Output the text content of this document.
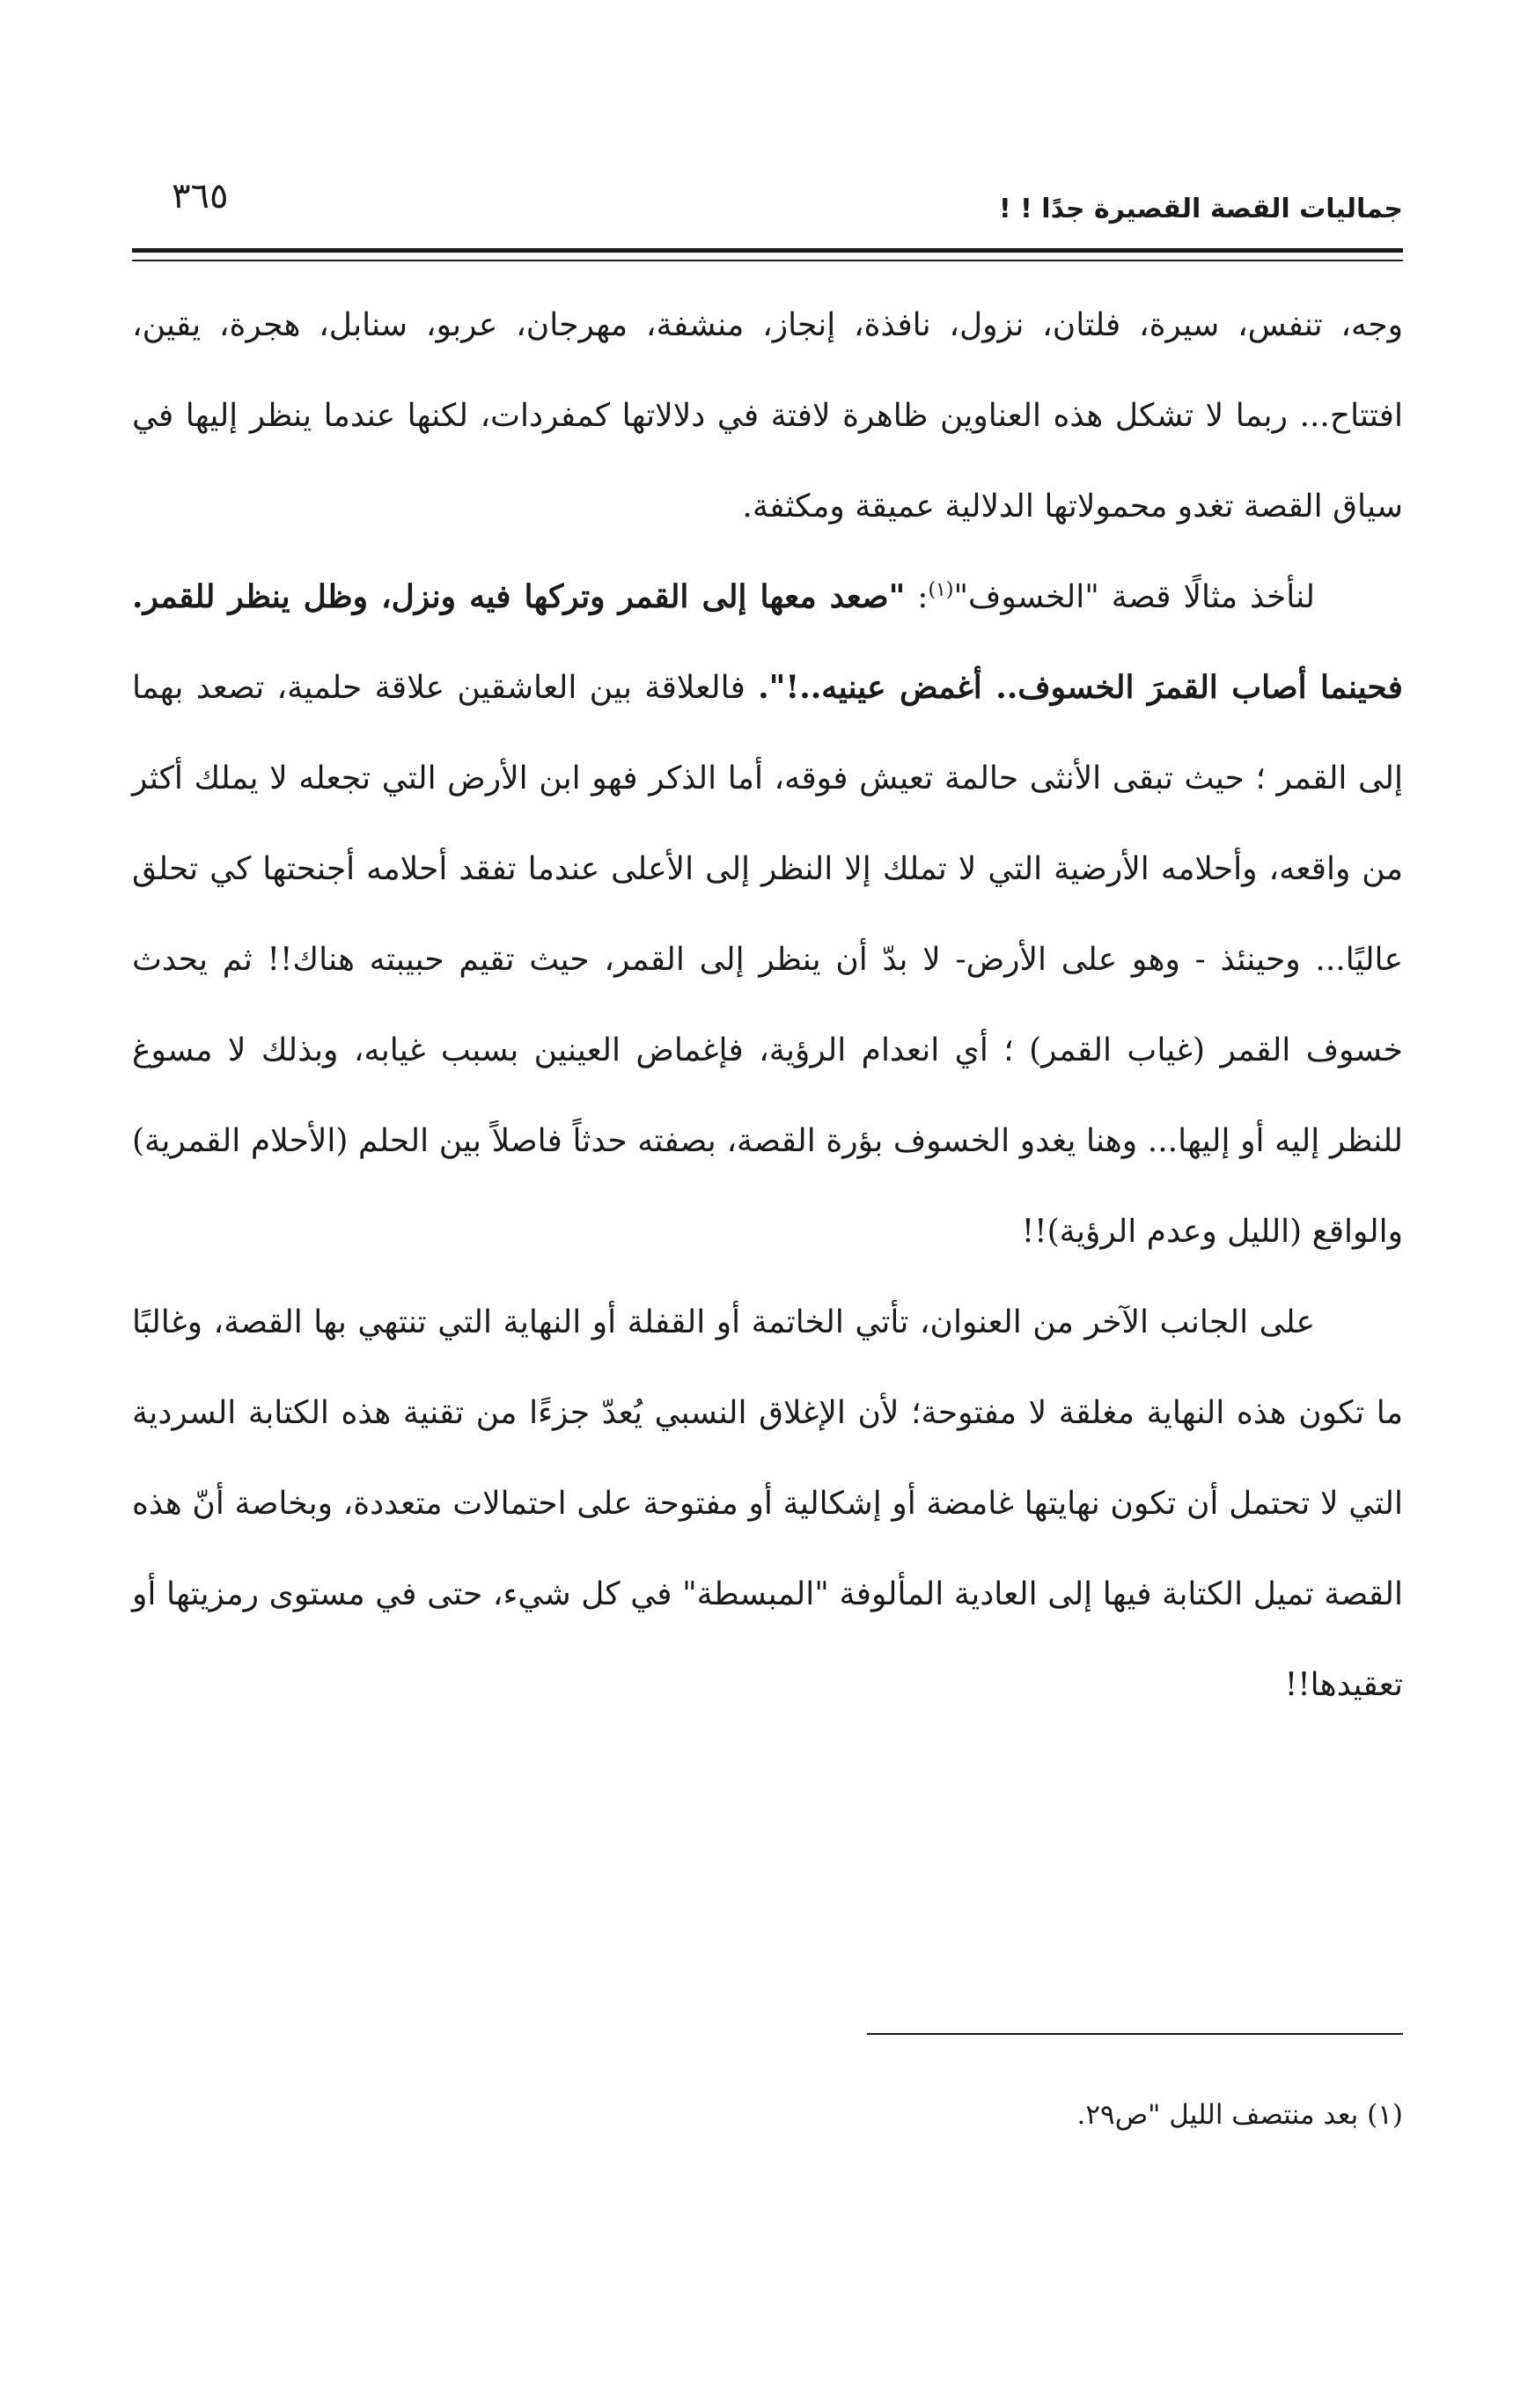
٣٦٥	جماليات القصة القصيرة جدًا ! !

وجه، تنفس، سيرة، فلتان، نزول، نافذة، إنجاز، منشفة، مهرجان، عربو، سنابل، هجرة، يقين، افتتاح... ربما لا تشكل هذه العناوين ظاهرة لافتة في دلالاتها كمفردات، لكنها عندما ينظر إليها في سياق القصة تغدو محمولاتها الدلالية عميقة ومكثفة.

لنأخذ مثالًا قصة "الخسوف"$^{(١)}$: "صعد معها إلى القمر وتركها فيه ونزل، وظل ينظر للقمر. فحينما أصاب القمرَ الخسوف.. أغمض عينيه..!". فالعلاقة بين العاشقين علاقة حلمية، تصعد بهما إلى القمر ؛ حيث تبقى الأنثى حالمة تعيش فوقه، أما الذكر فهو ابن الأرض التي تجعله لا يملك أكثر من واقعه، وأحلامه الأرضية التي لا تملك إلا النظر إلى الأعلى عندما تفقد أحلامه أجنحتها كي تحلق عاليًا... وحينئذ - وهو على الأرض- لا بدّ أن ينظر إلى القمر، حيث تقيم حبيبته هناك!! ثم يحدث خسوف القمر (غياب القمر) ؛ أي انعدام الرؤية، فإغماض العينين بسبب غيابه، وبذلك لا مسوغ للنظر إليه أو إليها... وهنا يغدو الخسوف بؤرة القصة، بصفته حدثاً فاصلاً بين الحلم (الأحلام القمرية) والواقع (الليل وعدم الرؤية)!!

على الجانب الآخر من العنوان، تأتي الخاتمة أو القفلة أو النهاية التي تنتهي بها القصة، وغالبًا ما تكون هذه النهاية مغلقة لا مفتوحة؛ لأن الإغلاق النسبي يُعدّ جزءًا من تقنية هذه الكتابة السردية التي لا تحتمل أن تكون نهايتها غامضة أو إشكالية أو مفتوحة على احتمالات متعددة، وبخاصة أنّ هذه القصة تميل الكتابة فيها إلى العادية المألوفة "المبسطة" في كل شيء، حتى في مستوى رمزيتها أو تعقيدها!!

(١) بعد منتصف الليل "ص٢٩.
